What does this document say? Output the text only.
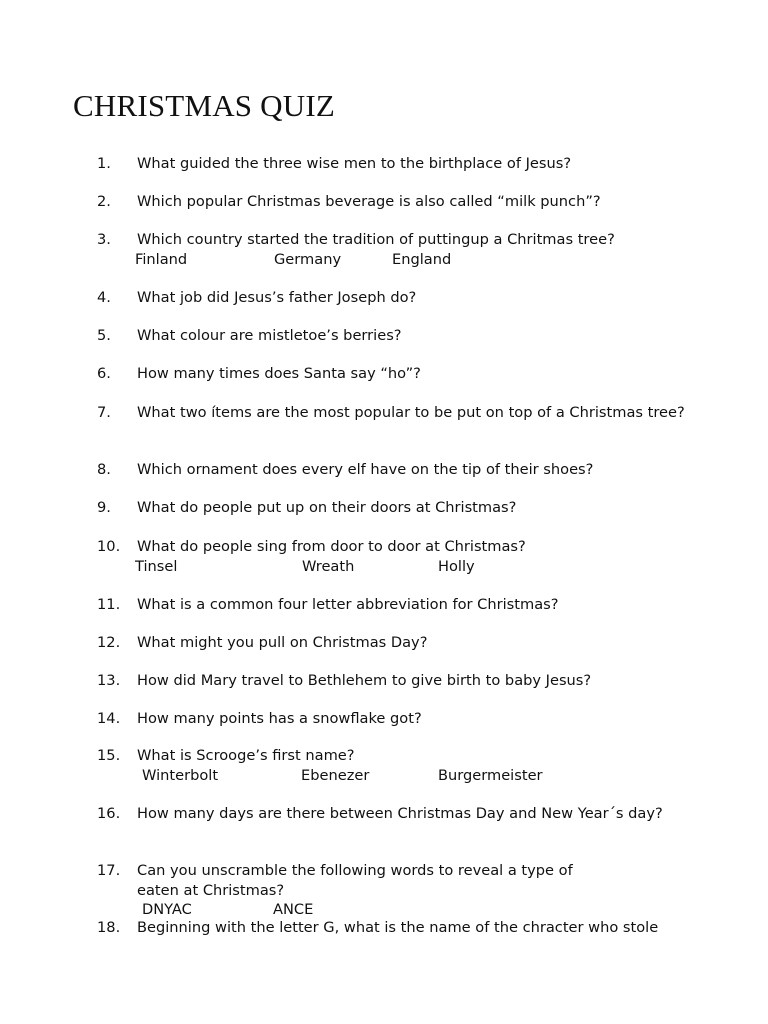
CHRISTMAS QUIZ
1. What guided the three wise men to the birthplace of Jesus?
2. Which popular Christmas beverage is also called “milk punch”?
3. Which country started the tradition of puttingup a Chritmas tree?
Finland	Germany	England
4. What job did Jesus’s father Joseph do?
5. What colour are mistletoe’s berries?
6. How many times does Santa say “ho”?
7. What two ítems are the most popular to be put on top of a Christmas tree?
8. Which ornament does every elf have on the tip of their shoes?
9. What do people put up on their doors at Christmas?
10. What do people sing from door to door at Christmas?
Tinsel	Wreath	Holly
11. What is a common four letter abbreviation for Christmas?
12. What might you pull on Christmas Day?
13. How did Mary travel to Bethlehem to give birth to baby Jesus?
14. How many points has a snowflake got?
15. What is Scrooge’s first name?
Winterbolt	Ebenezer	Burgermeister
16. How many days are there between Christmas Day and New Year´s day?
17. Can you unscramble the following words to reveal a type of eaten at Christmas?
DNYAC	ANCE
18. Beginning with the letter G, what is the name of the chracter who stole
